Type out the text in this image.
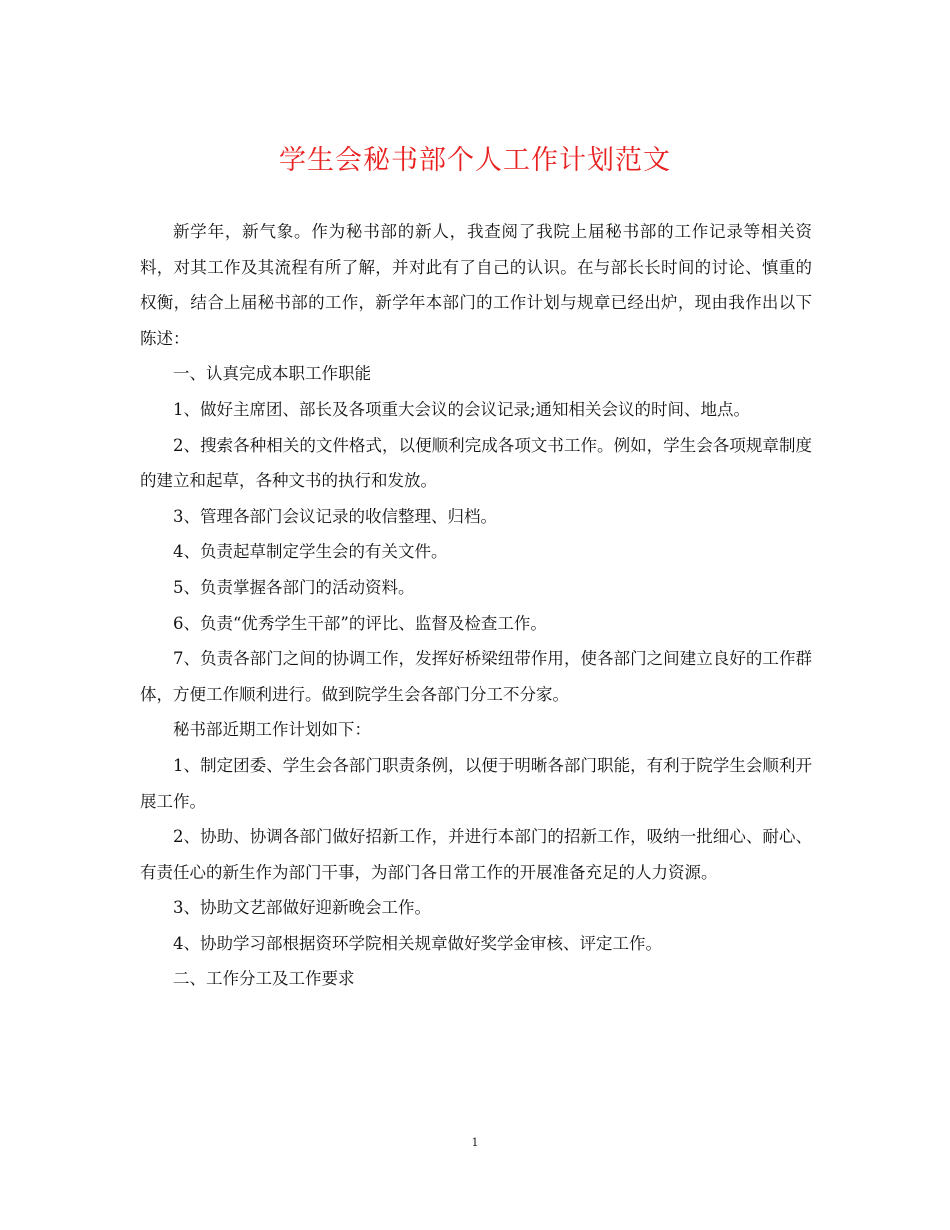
学生会秘书部个人工作计划范文

新学年，新气象。作为秘书部的新人，我查阅了我院上届秘书部的工作记录等相关资料，对其工作及其流程有所了解，并对此有了自己的认识。在与部长长时间的讨论、慎重的权衡，结合上届秘书部的工作，新学年本部门的工作计划与规章已经出炉，现由我作出以下陈述：

一、认真完成本职工作职能

1、做好主席团、部长及各项重大会议的会议记录;通知相关会议的时间、地点。

2、搜索各种相关的文件格式，以便顺利完成各项文书工作。例如，学生会各项规章制度的建立和起草，各种文书的执行和发放。

3、管理各部门会议记录的收信整理、归档。

4、负责起草制定学生会的有关文件。

5、负责掌握各部门的活动资料。

6、负责“优秀学生干部”的评比、监督及检查工作。

7、负责各部门之间的协调工作，发挥好桥梁纽带作用，使各部门之间建立良好的工作群体，方便工作顺利进行。做到院学生会各部门分工不分家。

秘书部近期工作计划如下：

1、制定团委、学生会各部门职责条例，以便于明晰各部门职能，有利于院学生会顺利开展工作。

2、协助、协调各部门做好招新工作，并进行本部门的招新工作，吸纳一批细心、耐心、有责任心的新生作为部门干事，为部门各日常工作的开展准备充足的人力资源。

3、协助文艺部做好迎新晚会工作。

4、协助学习部根据资环学院相关规章做好奖学金审核、评定工作。

二、工作分工及工作要求

1
